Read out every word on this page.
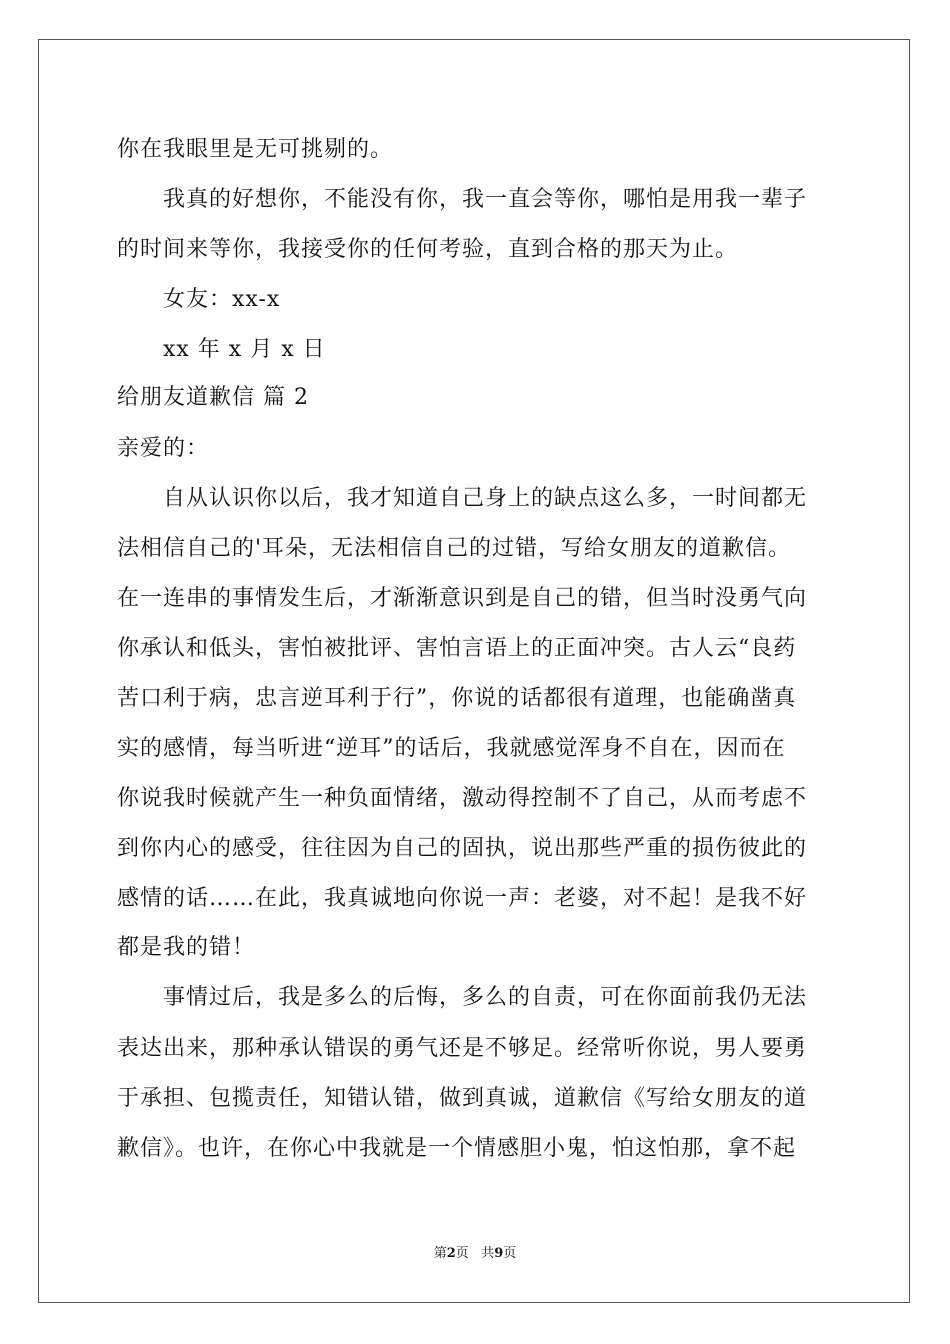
你在我眼里是无可挑剔的。
我真的好想你，不能没有你，我一直会等你，哪怕是用我一辈子
的时间来等你，我接受你的任何考验，直到合格的那天为止。
女友：xx-x
xx 年 x 月 x 日
给朋友道歉信 篇 2
亲爱的：
自从认识你以后，我才知道自己身上的缺点这么多，一时间都无
法相信自己的'耳朵，无法相信自己的过错，写给女朋友的道歉信。
在一连串的事情发生后，才渐渐意识到是自己的错，但当时没勇气向
你承认和低头，害怕被批评、害怕言语上的正面冲突。古人云“良药
苦口利于病，忠言逆耳利于行”，你说的话都很有道理，也能确凿真
实的感情，每当听进“逆耳”的话后，我就感觉浑身不自在，因而在
你说我时候就产生一种负面情绪，激动得控制不了自己，从而考虑不
到你内心的感受，往往因为自己的固执，说出那些严重的损伤彼此的
感情的话……在此，我真诚地向你说一声：老婆，对不起！是我不好
都是我的错！
事情过后，我是多么的后悔，多么的自责，可在你面前我仍无法
表达出来，那种承认错误的勇气还是不够足。经常听你说，男人要勇
于承担、包揽责任，知错认错，做到真诚，道歉信《写给女朋友的道
歉信》。也许，在你心中我就是一个情感胆小鬼，怕这怕那，拿不起
第2页 共9页
